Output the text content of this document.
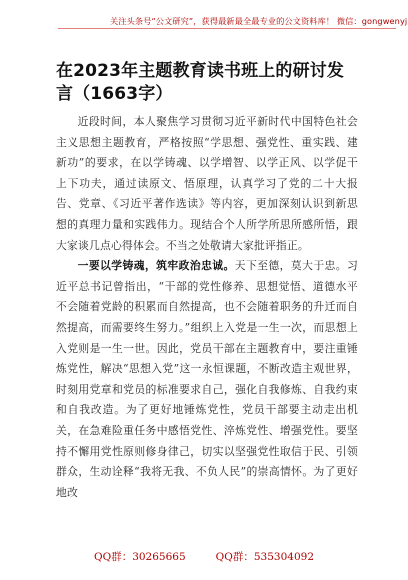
关注头条号“公文研究”，获得最新最全最专业的公文资料库！ 微信：gongwenyj
在2023年主题教育读书班上的研讨发言（1663字）

近段时间，本人聚焦学习贯彻习近平新时代中国特色社会主义思想主题教育，严格按照“学思想、强党性、重实践、建新功”的要求，在以学铸魂、以学增智、以学正风、以学促干上下功夫，通过读原文、悟原理，认真学习了党的二十大报告、党章、《习近平著作选读》等内容，更加深刻认识到新思想的真理力量和实践伟力。现结合个人所学所思所感所悟，跟大家谈几点心得体会。不当之处敬请大家批评指正。

一要以学铸魂，筑牢政治忠诚。天下至德，莫大于忠。习近平总书记曾指出，“干部的党性修养、思想觉悟、道德水平不会随着党龄的积累而自然提高，也不会随着职务的升迁而自然提高，而需要终生努力。”组织上入党是一生一次，而思想上入党则是一生一世。因此，党员干部在主题教育中，要注重锤炼党性，解决“思想入党”这一永恒课题，不断改造主观世界，时刻用党章和党员的标准要求自己，强化自我修炼、自我约束和自我改造。为了更好地锤炼党性，党员干部要主动走出机关，在急难险重任务中感悟党性、淬炼党性、增强党性。要坚持不懈用党性原则修身律己，切实以坚强党性取信于民、引领群众，生动诠释“我将无我、不负人民”的崇高情怀。为了更好地改

QQ群：30265665	QQ群：535304092
